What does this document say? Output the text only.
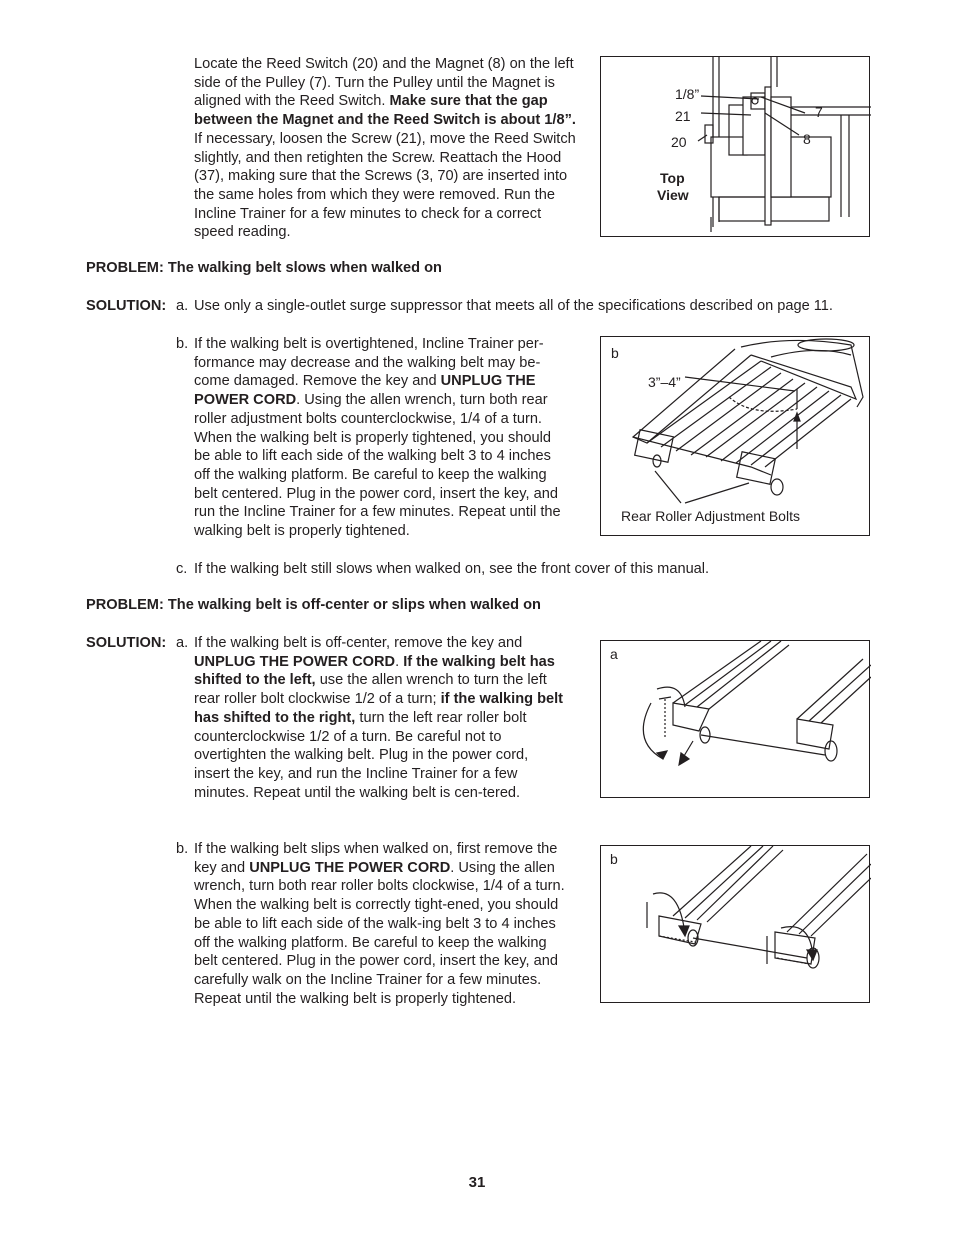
Locate the Reed Switch (20) and the Magnet (8) on the left side of the Pulley (7). Turn the Pulley until the Magnet is aligned with the Reed Switch. Make sure that the gap between the Magnet and the Reed Switch is about 1/8”. If necessary, loosen the Screw (21), move the Reed Switch slightly, and then retighten the Screw. Reattach the Hood (37), making sure that the Screws (3, 70) are inserted into the same holes from which they were removed. Run the Incline Trainer for a few minutes to check for a correct speed reading.

1/8”
21
20
7
8
Top
View

PROBLEM: The walking belt slows when walked on

SOLUTION: a. Use only a single-outlet surge suppressor that meets all of the specifications described on page 11.

b. If the walking belt is overtightened, Incline Trainer per-formance may decrease and the walking belt may be-come damaged. Remove the key and UNPLUG THE POWER CORD. Using the allen wrench, turn both rear roller adjustment bolts counterclockwise, 1/4 of a turn. When the walking belt is properly tightened, you should be able to lift each side of the walking belt 3 to 4 inches off the walking platform. Be careful to keep the walking belt centered. Plug in the power cord, insert the key, and run the Incline Trainer for a few minutes. Repeat until the walking belt is properly tightened.

b
3”–4”
Rear Roller Adjustment Bolts
c. If the walking belt still slows when walked on, see the front cover of this manual.

PROBLEM: The walking belt is off-center or slips when walked on

SOLUTION: a. If the walking belt is off-center, remove the key and UNPLUG THE POWER CORD. If the walking belt has shifted to the left, use the allen wrench to turn the left rear roller bolt clockwise 1/2 of a turn; if the walking belt has shifted to the right, turn the left rear roller bolt counterclockwise 1/2 of a turn. Be careful not to overtighten the walking belt. Plug in the power cord, insert the key, and run the Incline Trainer for a few minutes. Repeat until the walking belt is cen-tered.

a
b. If the walking belt slips when walked on, first remove the key and UNPLUG THE POWER CORD. Using the allen wrench, turn both rear roller bolts clockwise, 1/4 of a turn. When the walking belt is correctly tight-ened, you should be able to lift each side of the walk-ing belt 3 to 4 inches off the walking platform. Be careful to keep the walking belt centered. Plug in the power cord, insert the key, and carefully walk on the Incline Trainer for a few minutes. Repeat until the walking belt is properly tightened.

b
31
